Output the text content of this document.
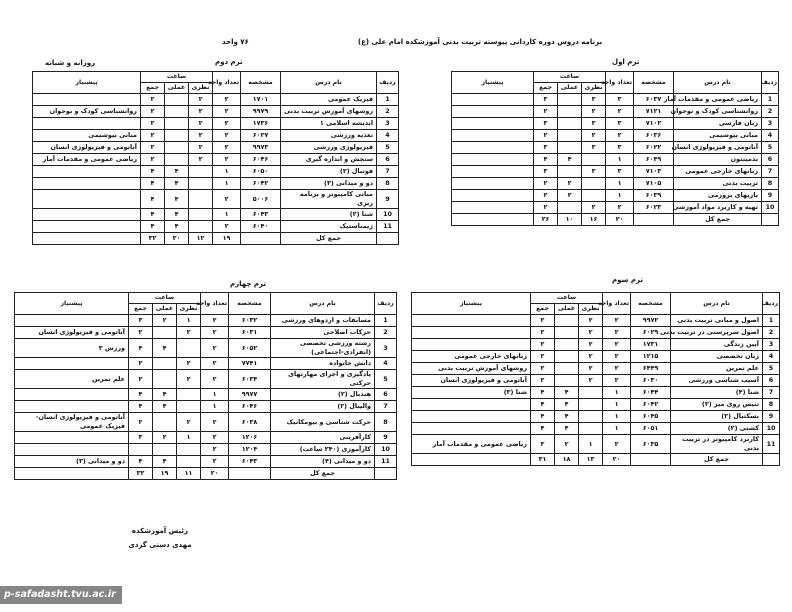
برنامه دروس دوره کاردانی پیوسته تربیت بدنی آموزشکده امام علی (ع)
۷۶ واحد
روزانه و شبانه	ترم اول
ترم دوم
ترم سوم
ترم چهارم
ردیف	نام درس	مشخصه	تعداد واحد	ساعت			پیشنیاز
				نظری	عملی	جمع	
1	ریاضی عمومی و مقدمات آمار	۶۰۳۷	۳	۳		۳	
2	روانشناسی کودک و نوجوان	۷۱۲۱	۲	۲		۲	
3	زبان فارسی	۷۱۰۲	۳	۳		۳	
4	مبانی بیوشیمی	۶۰۳۶	۲	۲		۲	
5	آناتومی و فیزیولوژی انسان	۶۰۲۲	۳	۳		۳	
6	بدمینتون	۶۰۴۹	۱		۴	۴	
7	زبانهای خارجی عمومی	۷۱۰۳	۳	۳		۳	
8	تربیت بدنی	۷۱۰۵	۱		۲	۲	
9	بازیهای بروزمی	۶۰۳۹	۱		۲	۲	
10	تهیه و کاربرد مواد آموزشی	۶۰۲۳	۲	۲		۲	
	جمع کل		۲۰	۱۶	۱۰	۲۶	
ردیف	نام درس	مشخصه	تعداد واحد	ساعت			پیشنیاز
				نظری	عملی	جمع	
1	فیزیک عمومی	۱۷۰۱	۲	۲		۲	
2	روشهای آموزش تربیت بدنی	۹۹۷۹	۲	۲		۲	روانشناسی کودک و نوجوان
3	اندیشه اسلامی ۱	۱۷۳۶	۲	۲		۲	
4	تغذیه ورزشی	۶۰۲۷	۲	۲		۲	مبانی بیوشیمی
5	فیزیولوژی ورزشی	۹۹۷۳	۲	۲		۲	آناتومی و فیزیولوژی انسان
6	سنجش و اندازه گیری	۶۰۴۶	۲	۲		۲	ریاضی عمومی و مقدمات آمار
7	فوتبال (۲)	۶۰۵۰	۱		۴	۴	
8	دو و میدانی (۳)	۶۰۴۲	۱		۴	۴	
9	مبانی کامپیوتر و برنامه ریزی	۵۰۰۶	۲		۴	۴	
10	شنا (۲)	۶۰۴۳	۱		۴	۴	
11	ژیمناستیک	۶۰۴۰	۲		۴	۴	
	جمع کل		۱۹	۱۲	۲۰	۳۲	
ردیف	نام درس	مشخصه	تعداد واحد	ساعت			پیشنیاز
				نظری	عملی	جمع	
1	اصول و مبانی تربیت بدنی	۹۹۷۲	۲	۲		۲	
2	اصول سرپرستی در تربیت بدنی	۶۰۲۹	۲	۲		۲	
3	آیین زندگی	۱۷۳۱	۲	۲		۲	
4	زبان تخصصی	۱۲۱۵	۲	۲		۲	زبانهای خارجی عمومی
5	علم تمرین	۶۴۴۹	۲	۲		۲	روشهای آموزش تربیت بدنی
6	آسیب شناسی ورزشی	۶۰۳۰	۲	۲		۲	آناتومی و فیزیولوژی انسان
7	شنا (۴)	۶۰۴۴	۱		۴	۴	شنا (۳)
8	تنیس روی میز (۲)	۶۰۴۲	۱		۴	۴	
9	بسکتبال (۲)	۶۰۴۵	۱		۴	۴	
10	کشتی (۲)	۶۰۵۱	۱		۴	۴	
11	کاربرد کامپیوتر در تربیت بدنی	۶۰۳۵	۲	۱	۲	۳	ریاضی عمومی و مقدمات آمار
	جمع کل		۲۰	۱۳	۱۸	۳۱	
ردیف	نام درس	مشخصه	تعداد واحد	ساعت			پیشنیاز
				نظری	عملی	جمع	
1	مسابقات و اردوهای ورزشی	۶۰۳۲	۲	۱	۲	۳	
2	حرکات اصلاحی	۶۰۳۱	۲	۲		۲	آناتومی و فیزیولوژی انسان
3	رشته ورزشی تخصصی (انفرادی-اجتماعی)	۶۰۵۲	۲		۴	۴	ورزش ۳
4	دانش خانواده	۷۷۴۱	۲	۲		۲	
5	یادگیری و اجرای مهارتهای حرکتی	۶۰۳۴	۲	۲		۲	علم تمرین
6	هندبال (۲)	۹۹۷۷	۱		۴	۴	
7	والیبال (۲)	۶۰۴۶	۱		۴	۴	
8	حرکت شناسی و بیومکانیک	۶۰۳۸	۲	۲		۲	آناتومی و فیزیولوژی انسان- فیزیک عمومی
9	کارآفرینی	۱۲۰۶	۲	۱	۲	۳	
10	کارآموزی (۲۴۰ ساعت)	۱۲۰۴	۲				
11	دو و میدانی (۴)	۶۰۴۳	۲		۴	۴	دو و میدانی (۳)
	جمع کل		۲۰	۱۱	۱۹	۳۲	
رئیس آموزشکده
مهدی دستی گردی
p-safadasht.tvu.ac.ir
